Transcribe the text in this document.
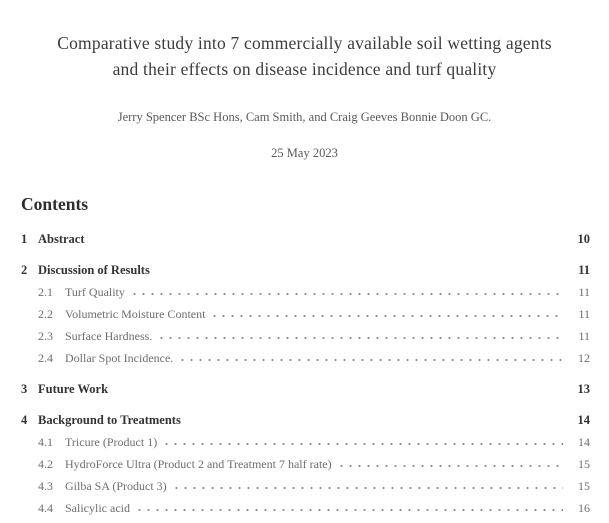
Comparative study into 7 commercially available soil wetting agents
and their effects on disease incidence and turf quality
Jerry Spencer BSc Hons, Cam Smith, and Craig Geeves Bonnie Doon GC.
25 May 2023
Contents
1 Abstract	10
2 Discussion of Results	11
2.1	Turf Quality	11
2.2	Volumetric Moisture Content	11
2.3	Surface Hardness.	11
2.4	Dollar Spot Incidence.	12
3 Future Work	13
4 Background to Treatments	14
4.1	Tricure (Product 1)	14
4.2	HydroForce Ultra (Product 2 and Treatment 7 half rate)	15
4.3	Gilba SA (Product 3)	15
4.4	Salicylic acid	16
